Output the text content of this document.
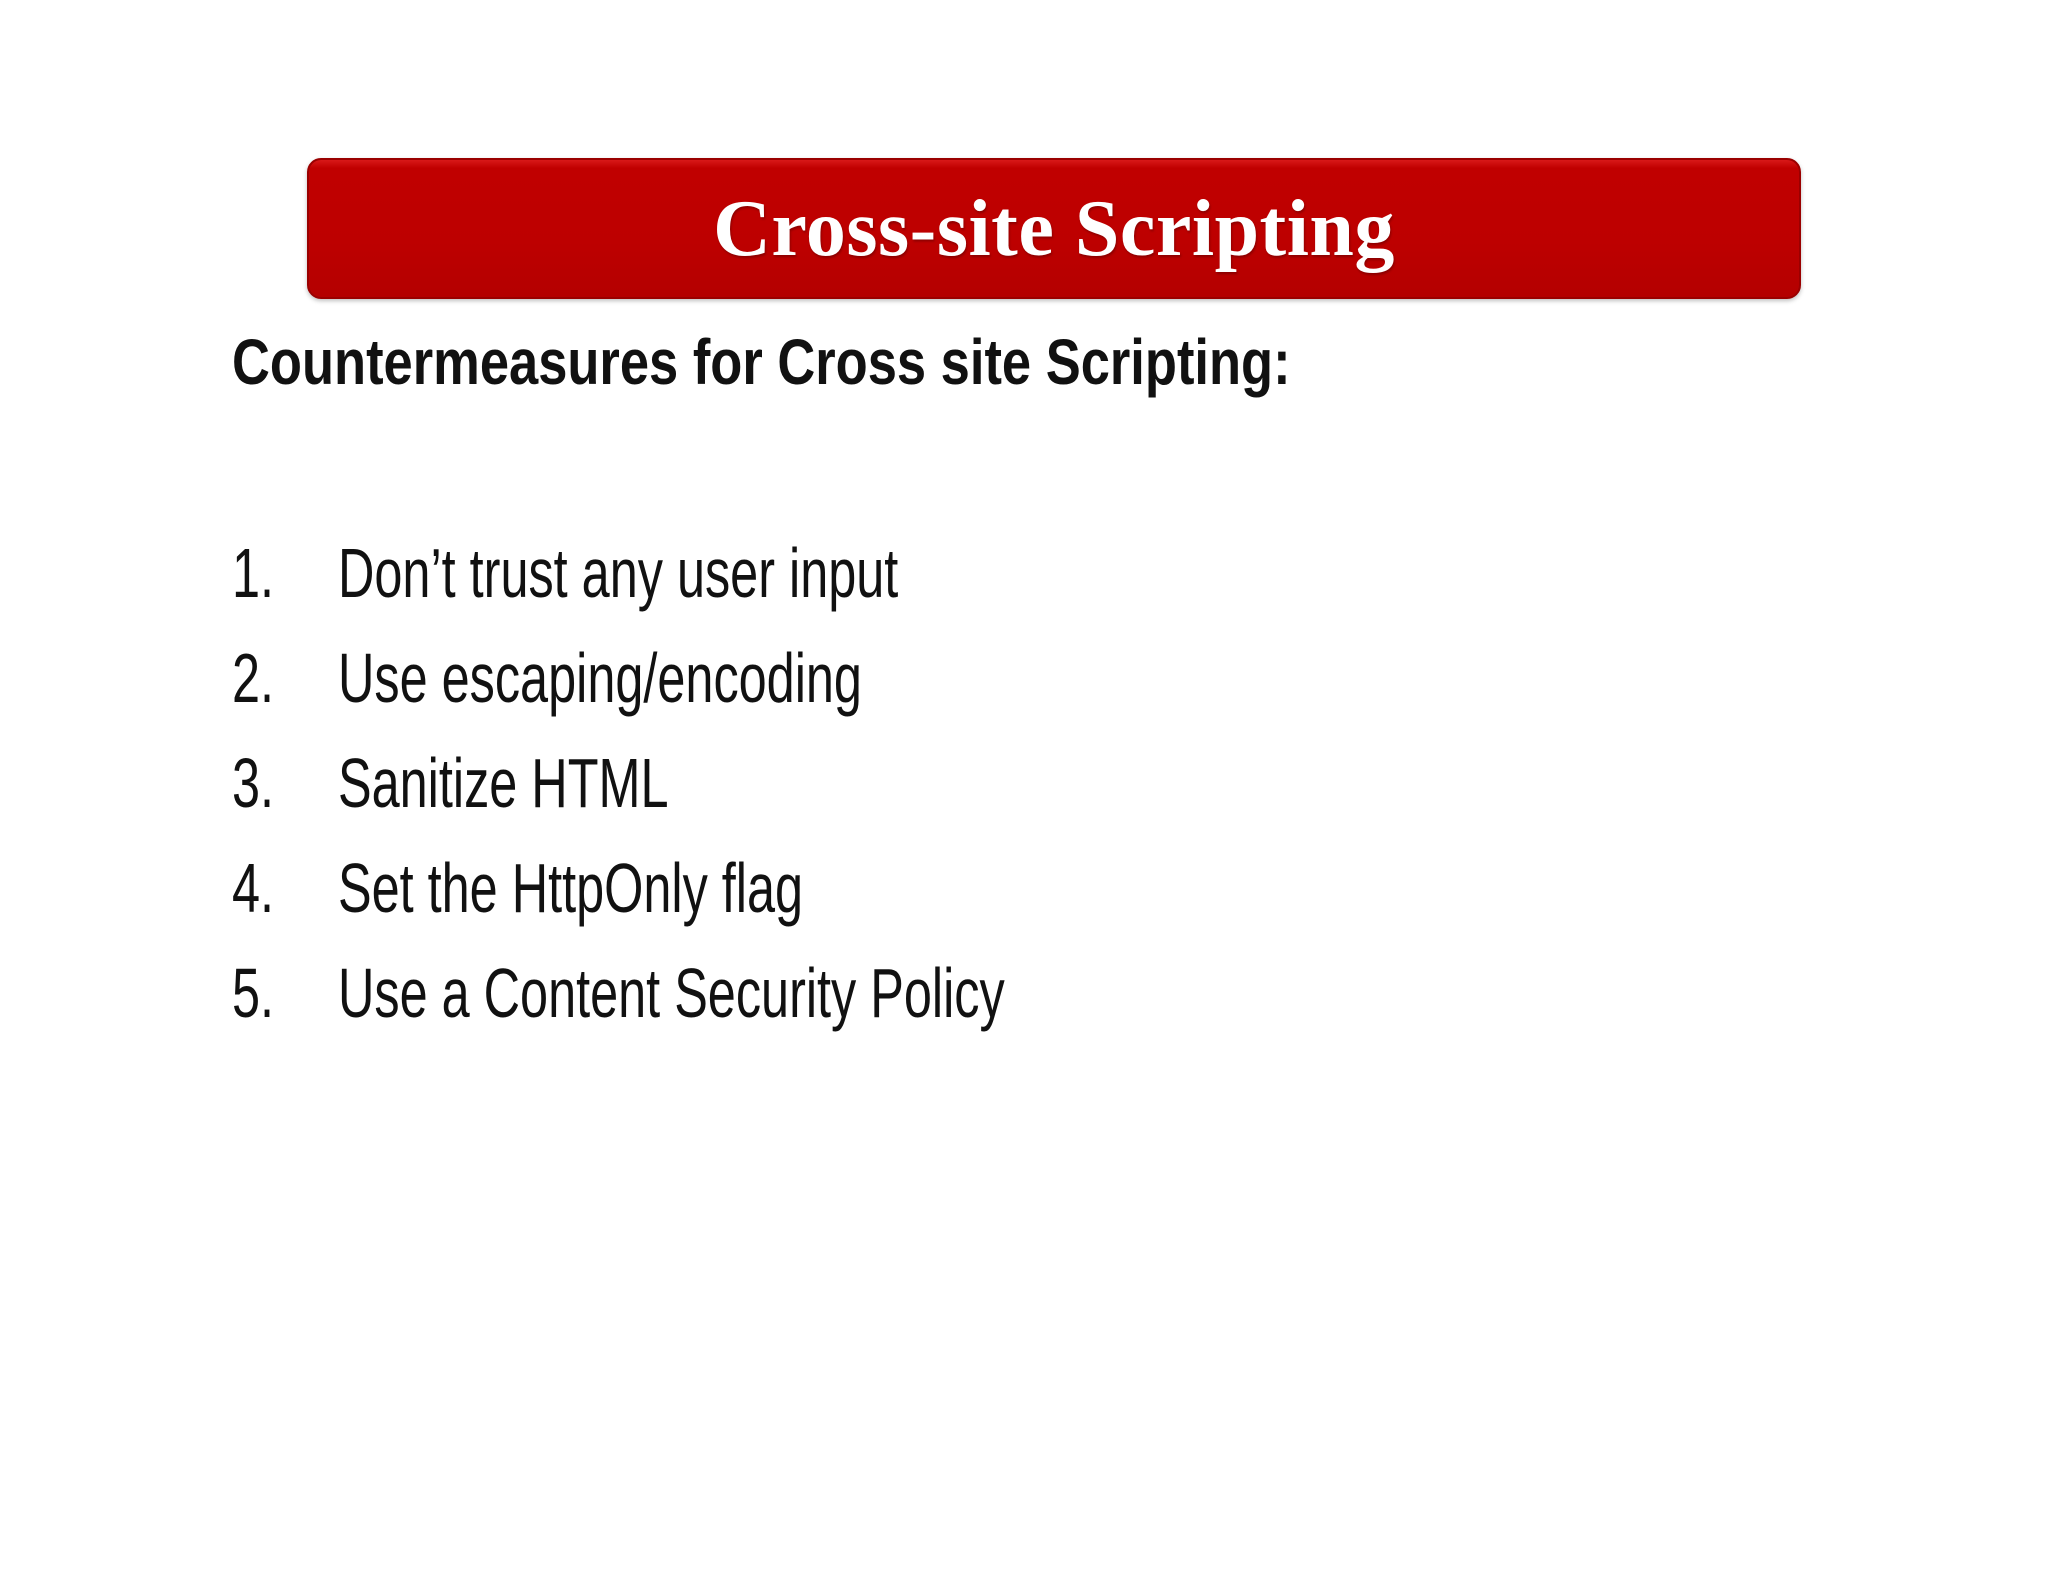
Cross-site Scripting
Countermeasures for Cross site Scripting:
1. Don’t trust any user input
2. Use escaping/encoding
3. Sanitize HTML
4. Set the HttpOnly flag
5. Use a Content Security Policy
